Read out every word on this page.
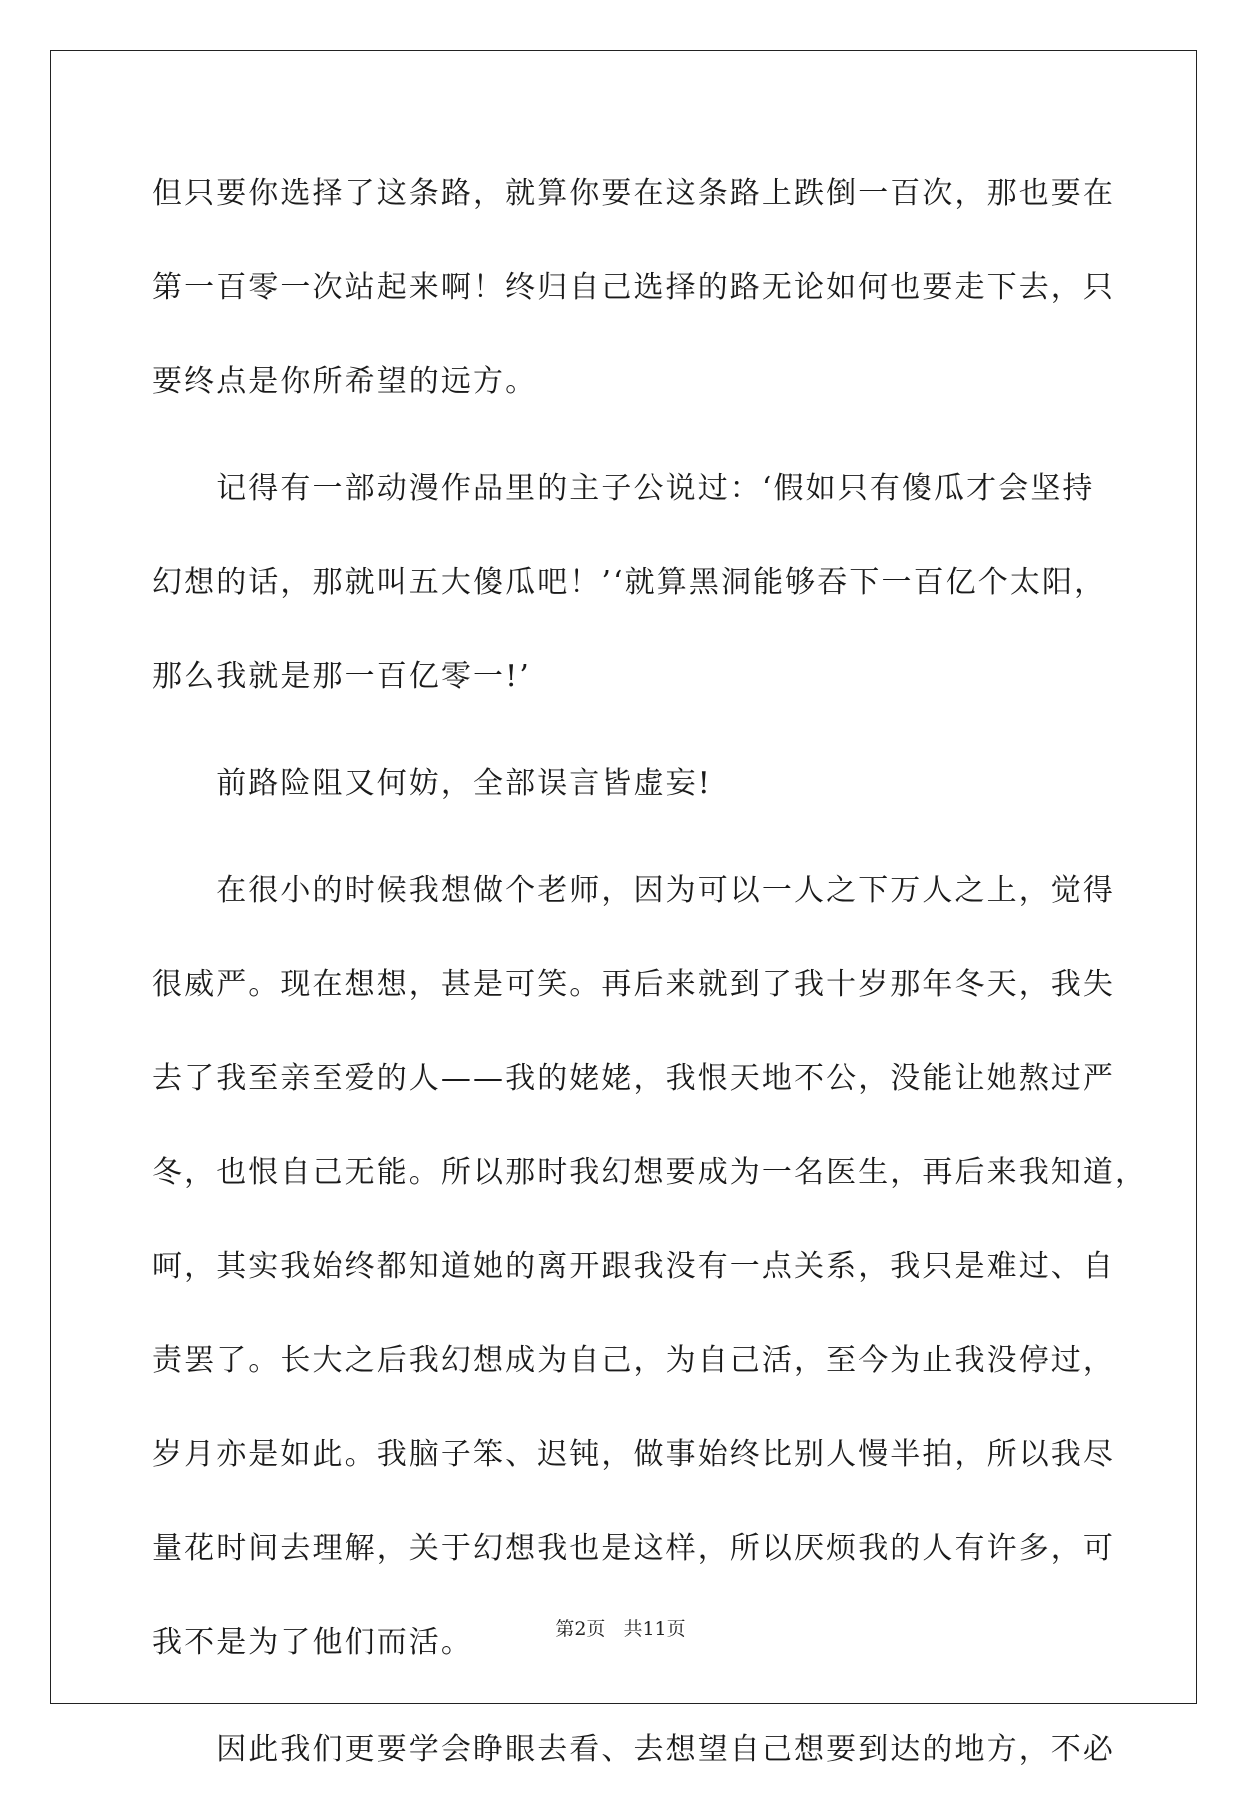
但只要你选择了这条路，就算你要在这条路上跌倒一百次，那也要在
第一百零一次站起来啊！终归自己选择的路无论如何也要走下去，只
要终点是你所希望的远方。
　　记得有一部动漫作品里的主子公说过：‘假如只有傻瓜才会坚持
幻想的话，那就叫五大傻瓜吧！’‘就算黑洞能够吞下一百亿个太阳，
那么我就是那一百亿零一!’
　　前路险阻又何妨，全部误言皆虚妄!
　　在很小的时候我想做个老师，因为可以一人之下万人之上，觉得
很威严。现在想想，甚是可笑。再后来就到了我十岁那年冬天，我失
去了我至亲至爱的人——我的姥姥，我恨天地不公，没能让她熬过严
冬，也恨自己无能。所以那时我幻想要成为一名医生，再后来我知道，
呵，其实我始终都知道她的离开跟我没有一点关系，我只是难过、自
责罢了。长大之后我幻想成为自己，为自己活，至今为止我没停过，
岁月亦是如此。我脑子笨、迟钝，做事始终比别人慢半拍，所以我尽
量花时间去理解，关于幻想我也是这样，所以厌烦我的人有许多，可
我不是为了他们而活。
　　因此我们更要学会睁眼去看、去想望自己想要到达的地方，不必
第2页 共11页
